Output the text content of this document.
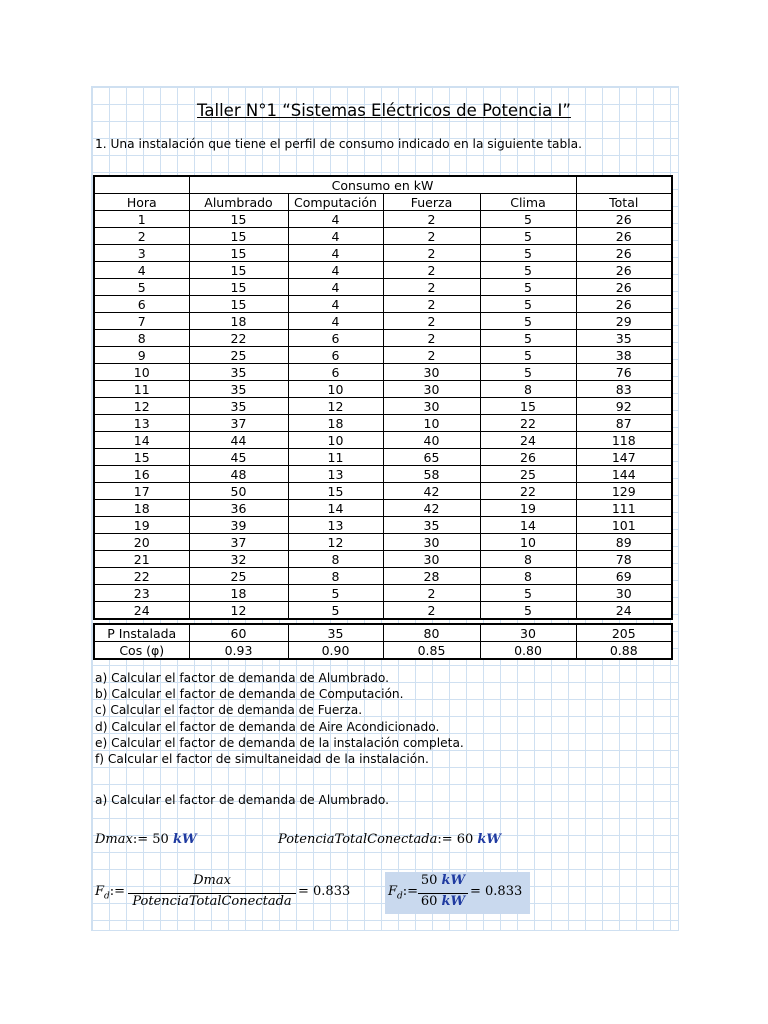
Taller N°1 “Sistemas Eléctricos de Potencia I”
1. Una instalación que tiene el perfil de consumo indicado en la siguiente tabla.
	Consumo en kW				
Hora	Alumbrado	Computación	Fuerza	Clima	Total
1	15	4	2	5	26
2	15	4	2	5	26
3	15	4	2	5	26
4	15	4	2	5	26
5	15	4	2	5	26
6	15	4	2	5	26
7	18	4	2	5	29
8	22	6	2	5	35
9	25	6	2	5	38
10	35	6	30	5	76
11	35	10	30	8	83
12	35	12	30	15	92
13	37	18	10	22	87
14	44	10	40	24	118
15	45	11	65	26	147
16	48	13	58	25	144
17	50	15	42	22	129
18	36	14	42	19	111
19	39	13	35	14	101
20	37	12	30	10	89
21	32	8	30	8	78
22	25	8	28	8	69
23	18	5	2	5	30
24	12	5	2	5	24
P Instalada	60	35	80	30	205
Cos (φ)	0.93	0.90	0.85	0.80	0.88
a) Calcular el factor de demanda de Alumbrado.
b) Calcular el factor de demanda de Computación.
c) Calcular el factor de demanda de Fuerza.
d) Calcular el factor de demanda de Aire Acondicionado.
e) Calcular el factor de demanda de la instalación completa.
f) Calcular el factor de simultaneidad de la instalación.
a) Calcular el factor de demanda de Alumbrado.
Dmax:= 50 kW	PotenciaTotalConectada:= 60 kW
$F_d:=$
Dmax
PotenciaTotalConectada
= 0.833	$F_d:=$
50 kW
60 kW
= 0.833
